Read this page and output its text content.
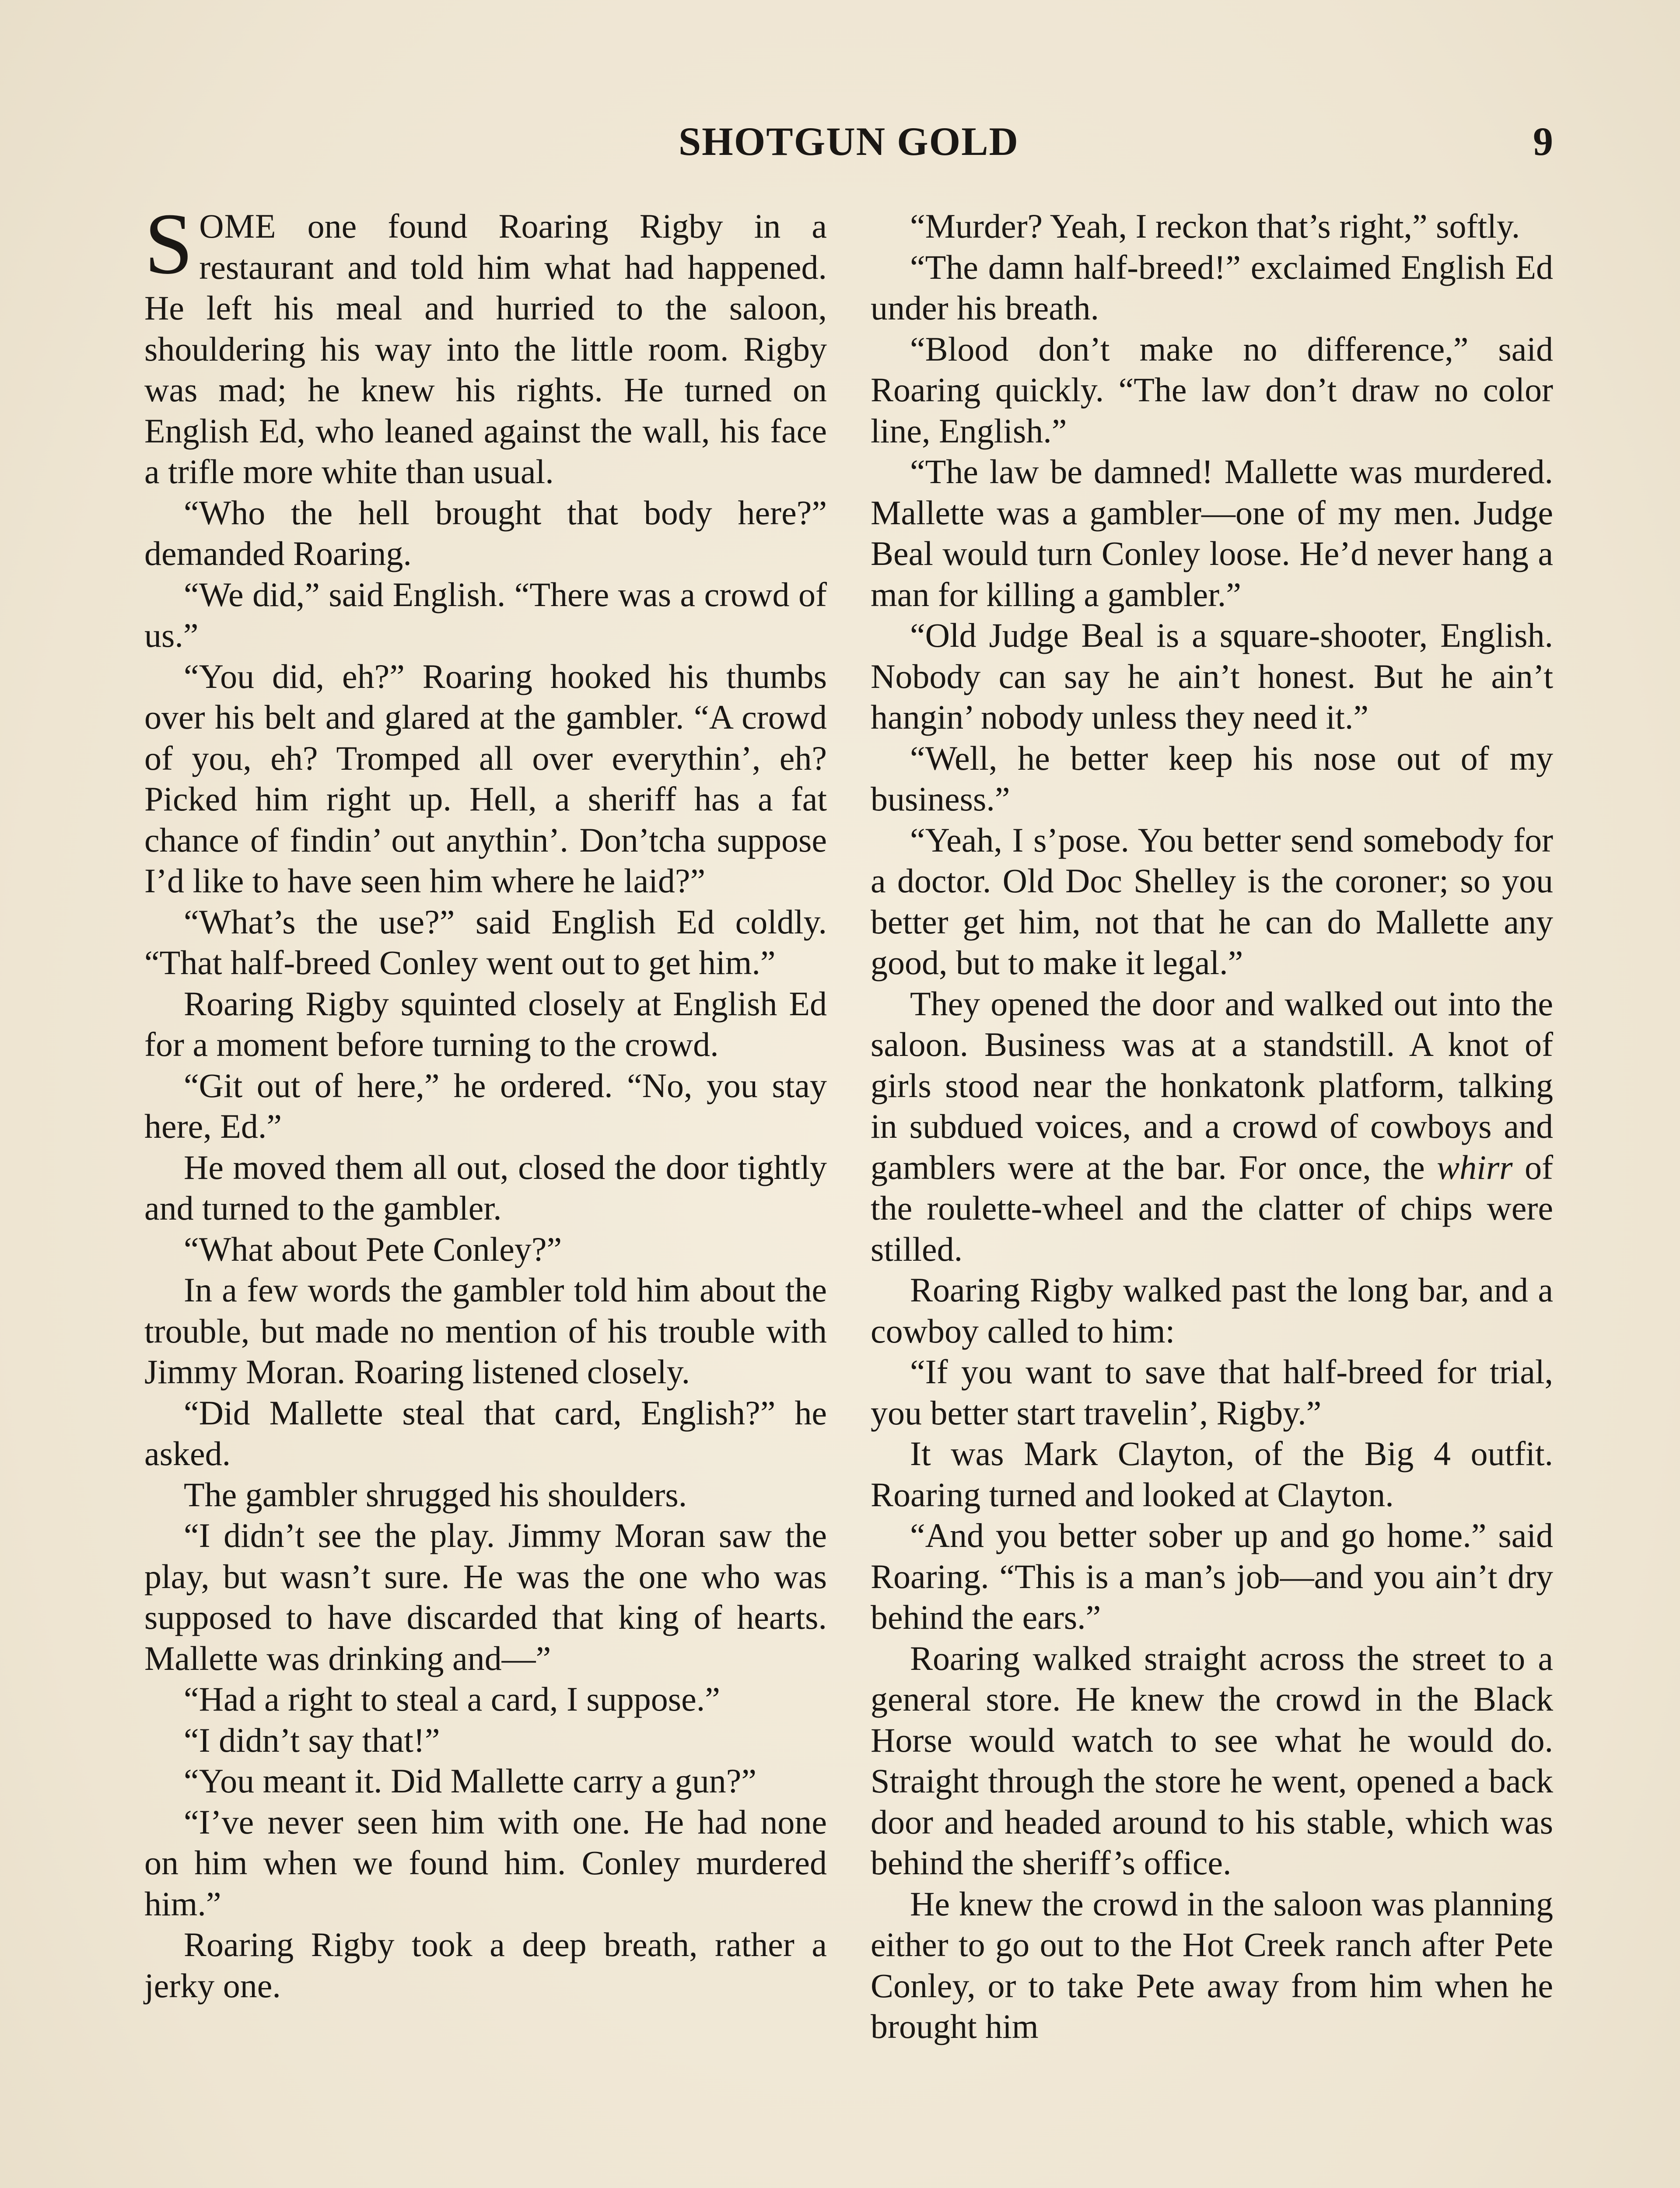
SHOTGUN GOLD	9

SOME one found Roaring Rigby in a restaurant and told him what had happened. He left his meal and hurried to the saloon, shouldering his way into the little room. Rigby was mad; he knew his rights. He turned on English Ed, who leaned against the wall, his face a trifle more white than usual.

“Who the hell brought that body here?” demanded Roaring.

“We did,” said English. “There was a crowd of us.”

“You did, eh?” Roaring hooked his thumbs over his belt and glared at the gambler. “A crowd of you, eh? Tromped all over everythin’, eh? Picked him right up. Hell, a sheriff has a fat chance of findin’ out anythin’. Don’tcha suppose I’d like to have seen him where he laid?”

“What’s the use?” said English Ed coldly. “That half-breed Conley went out to get him.”

Roaring Rigby squinted closely at English Ed for a moment before turning to the crowd.

“Git out of here,” he ordered. “No, you stay here, Ed.”

He moved them all out, closed the door tightly and turned to the gambler.

“What about Pete Conley?”

In a few words the gambler told him about the trouble, but made no mention of his trouble with Jimmy Moran. Roaring listened closely.

“Did Mallette steal that card, English?” he asked.

The gambler shrugged his shoulders.

“I didn’t see the play. Jimmy Moran saw the play, but wasn’t sure. He was the one who was supposed to have discarded that king of hearts. Mallette was drinking and—”

“Had a right to steal a card, I suppose.”

“I didn’t say that!”

“You meant it. Did Mallette carry a gun?”

“I’ve never seen him with one. He had none on him when we found him. Conley murdered him.”

Roaring Rigby took a deep breath, rather a jerky one.

“Murder? Yeah, I reckon that’s right,” softly.

“The damn half-breed!” exclaimed English Ed under his breath.

“Blood don’t make no difference,” said Roaring quickly. “The law don’t draw no color line, English.”

“The law be damned! Mallette was murdered. Mallette was a gambler—one of my men. Judge Beal would turn Conley loose. He’d never hang a man for killing a gambler.”

“Old Judge Beal is a square-shooter, English. Nobody can say he ain’t honest. But he ain’t hangin’ nobody unless they need it.”

“Well, he better keep his nose out of my business.”

“Yeah, I s’pose. You better send somebody for a doctor. Old Doc Shelley is the coroner; so you better get him, not that he can do Mallette any good, but to make it legal.”

They opened the door and walked out into the saloon. Business was at a standstill. A knot of girls stood near the honkatonk platform, talking in subdued voices, and a crowd of cowboys and gamblers were at the bar. For once, the whirr of the roulette-wheel and the clatter of chips were stilled.

Roaring Rigby walked past the long bar, and a cowboy called to him:

“If you want to save that half-breed for trial, you better start travelin’, Rigby.”

It was Mark Clayton, of the Big 4 outfit. Roaring turned and looked at Clayton.

“And you better sober up and go home.” said Roaring. “This is a man’s job—and you ain’t dry behind the ears.”

Roaring walked straight across the street to a general store. He knew the crowd in the Black Horse would watch to see what he would do. Straight through the store he went, opened a back door and headed around to his stable, which was behind the sheriff’s office.

He knew the crowd in the saloon was planning either to go out to the Hot Creek ranch after Pete Conley, or to take Pete away from him when he brought him
